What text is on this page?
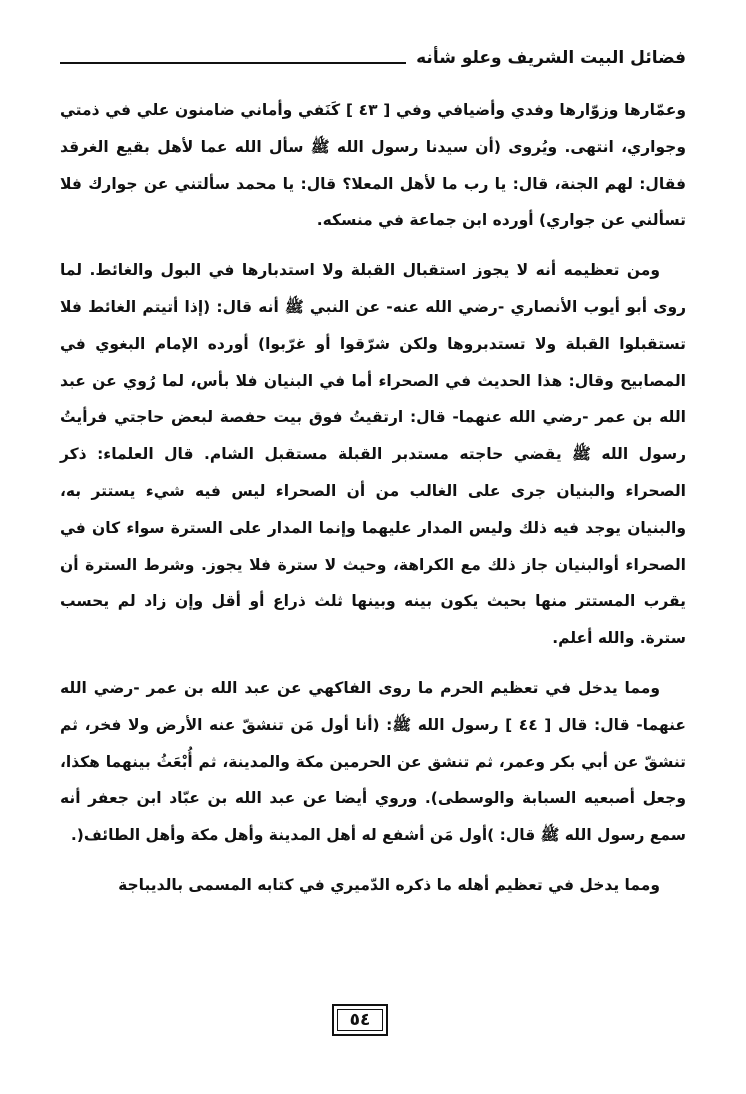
فضائل البيت الشريف وعلو شأنه

وعمّارها وزوّارها وفدي وأضيافي وفي [ ٤٣ ] كَنَفي وأماني ضامنون علي في ذمتي وجواري، انتهى. ويُروى (أن سيدنا رسول الله ﷺ سأل الله عما لأهل بقيع الغرقد فقال: لهم الجنة، قال: يا رب ما لأهل المعلا؟ قال: يا محمد سألتني عن جوارك فلا تسألني عن جواري) أورده ابن جماعة في منسكه.

ومن تعظيمه أنه لا يجوز استقبال القبلة ولا استدبارها في البول والغائط. لما روى أبو أيوب الأنصاري -رضي الله عنه- عن النبي ﷺ أنه قال: (إذا أتيتم الغائط فلا تستقبلوا القبلة ولا تستدبروها ولكن شرّقوا أو غرّبوا) أورده الإمام البغوي في المصابيح وقال: هذا الحديث في الصحراء أما في البنيان فلا بأس، لما رُوي عن عبد الله بن عمر -رضي الله عنهما- قال: ارتقيتُ فوق بيت حفصة لبعض حاجتي فرأيتُ رسول الله ﷺ يقضي حاجته مستدبر القبلة مستقبل الشام. قال العلماء: ذكر الصحراء والبنيان جرى على الغالب من أن الصحراء ليس فيه شيء يستتر به، والبنيان يوجد فيه ذلك وليس المدار عليهما وإنما المدار على السترة سواء كان في الصحراء أوالبنيان جاز ذلك مع الكراهة، وحيث لا سترة فلا يجوز. وشرط السترة أن يقرب المستتر منها بحيث يكون بينه وبينها ثلث ذراع أو أقل وإن زاد لم يحسب سترة. والله أعلم.

ومما يدخل في تعظيم الحرم ما روى الفاكهي عن عبد الله بن عمر -رضي الله عنهما- قال: قال [ ٤٤ ] رسول الله ﷺ: (أنا أول مَن تنشقّ عنه الأرض ولا فخر، ثم تنشقّ عن أبي بكر وعمر، ثم تنشق عن الحرمين مكة والمدينة، ثم أُبْعَثُ بينهما هكذا، وجعل أصبعيه السبابة والوسطى). وروي أيضا عن عبد الله بن عبّاد ابن جعفر أنه سمع رسول الله ﷺ قال: )أول مَن أشفع له أهل المدينة وأهل مكة وأهل الطائف(.

ومما يدخل في تعظيم أهله ما ذكره الدّميري في كتابه المسمى بالديباجة

٥٤
